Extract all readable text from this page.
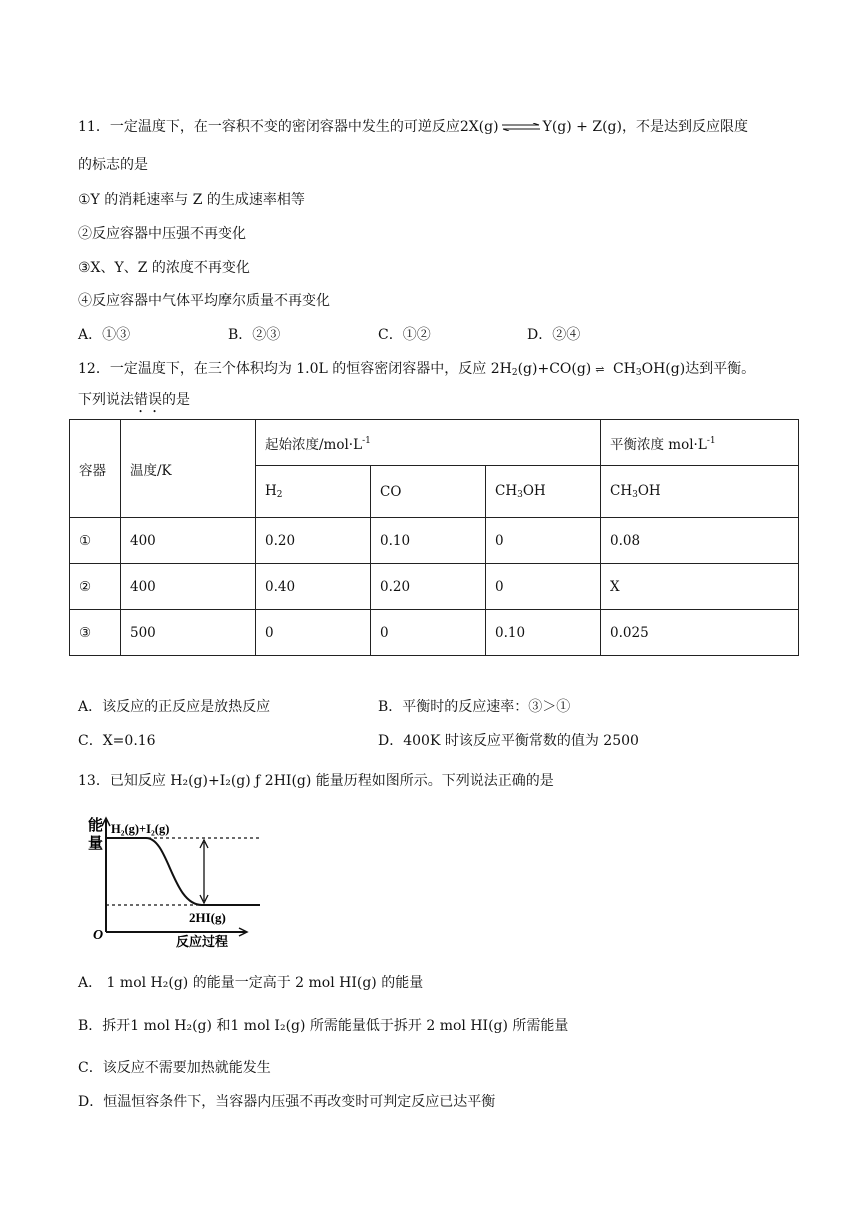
11．一定温度下，在一容积不变的密闭容器中发生的可逆反应2X(g) ⇌ Y(g) + Z(g)，不是达到反应限度
的标志的是
①Y 的消耗速率与 Z 的生成速率相等
②反应容器中压强不再变化
③X、Y、Z 的浓度不再变化
④反应容器中气体平均摩尔质量不再变化
A．①③	B．②③	C．①②	D．②④
12．一定温度下，在三个体积均为 1.0L 的恒容密闭容器中，反应 $2H_2(g)+CO(g)$ ⇌ $CH_3OH(g)$达到平衡。
下列说法错误的是
容器	温度/K	起始浓度$/mol\cdot L^{-1}$			平衡浓度 $mol\cdot L^{-1}$
		$H_2$	CO	$CH_3OH$	$CH_3OH$
①	400	0.20	0.10	0	0.08
②	400	0.40	0.20	0	X
③	500	0	0	0.10	0.025
A．该反应的正反应是放热反应	B．平衡时的反应速率：③＞①
C．X=0.16	D．400K 时该反应平衡常数的值为 2500
13．已知反应 H₂(g)+I₂(g) ƒ 2HI(g) 能量历程如图所示。下列说法正确的是
能
量
H₂(g)+I₂(g)
2HI(g)
O	反应过程
A． 1 mol H₂(g) 的能量一定高于 2 mol HI(g) 的能量
B．拆开1 mol H₂(g) 和1 mol I₂(g) 所需能量低于拆开 2 mol HI(g) 所需能量
C．该反应不需要加热就能发生
D．恒温恒容条件下，当容器内压强不再改变时可判定反应已达平衡
